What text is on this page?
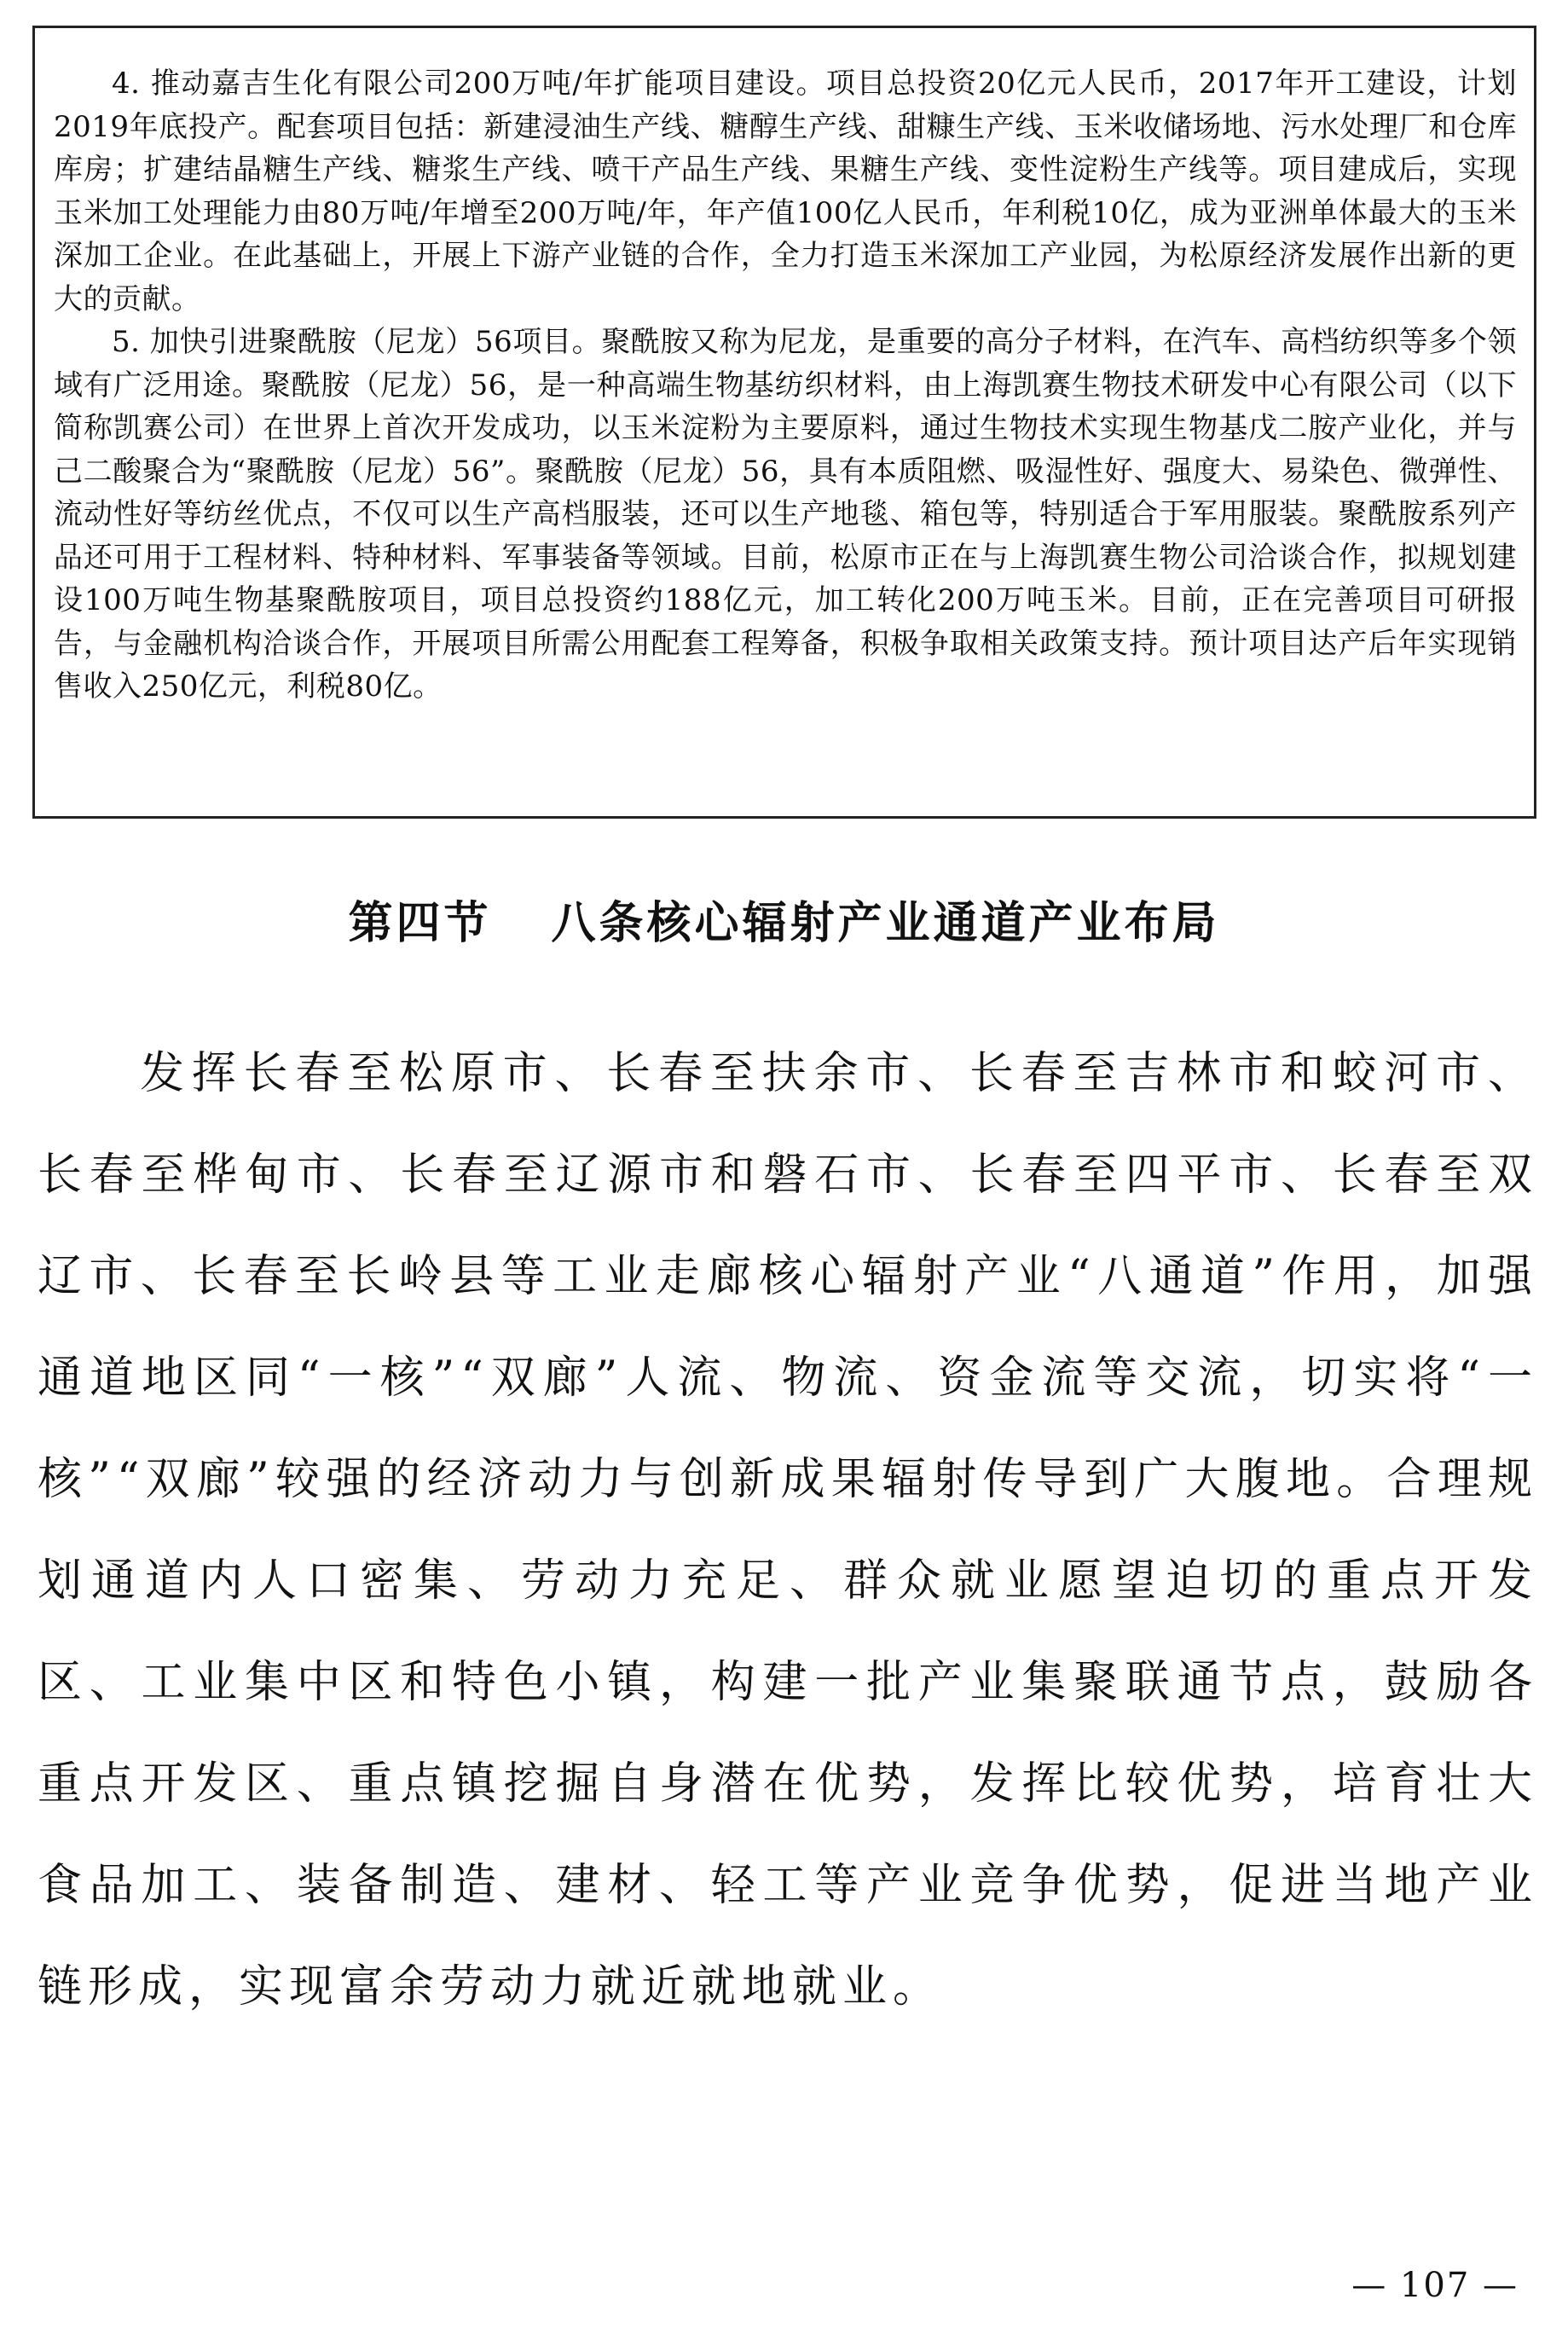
4. 推动嘉吉生化有限公司200万吨/年扩能项目建设。项目总投资20亿元人民币，2017年开工建设，计划2019年底投产。配套项目包括：新建浸油生产线、糖醇生产线、甜糠生产线、玉米收储场地、污水处理厂和仓库库房；扩建结晶糖生产线、糖浆生产线、喷干产品生产线、果糖生产线、变性淀粉生产线等。项目建成后，实现玉米加工处理能力由80万吨/年增至200万吨/年，年产值100亿人民币，年利税10亿，成为亚洲单体最大的玉米深加工企业。在此基础上，开展上下游产业链的合作，全力打造玉米深加工产业园，为松原经济发展作出新的更大的贡献。

5. 加快引进聚酰胺（尼龙）56项目。聚酰胺又称为尼龙，是重要的高分子材料，在汽车、高档纺织等多个领域有广泛用途。聚酰胺（尼龙）56，是一种高端生物基纺织材料，由上海凯赛生物技术研发中心有限公司（以下简称凯赛公司）在世界上首次开发成功，以玉米淀粉为主要原料，通过生物技术实现生物基戊二胺产业化，并与己二酸聚合为“聚酰胺（尼龙）56”。聚酰胺（尼龙）56，具有本质阻燃、吸湿性好、强度大、易染色、微弹性、流动性好等纺丝优点，不仅可以生产高档服装，还可以生产地毯、箱包等，特别适合于军用服装。聚酰胺系列产品还可用于工程材料、特种材料、军事装备等领域。目前，松原市正在与上海凯赛生物公司洽谈合作，拟规划建设100万吨生物基聚酰胺项目，项目总投资约188亿元，加工转化200万吨玉米。目前，正在完善项目可研报告，与金融机构洽谈合作，开展项目所需公用配套工程筹备，积极争取相关政策支持。预计项目达产后年实现销售收入250亿元，利税80亿。

第四节 八条核心辐射产业通道产业布局

发挥长春至松原市、长春至扶余市、长春至吉林市和蛟河市、长春至桦甸市、长春至辽源市和磐石市、长春至四平市、长春至双辽市、长春至长岭县等工业走廊核心辐射产业“八通道”作用，加强通道地区同“一核”“双廊”人流、物流、资金流等交流，切实将“一核”“双廊”较强的经济动力与创新成果辐射传导到广大腹地。合理规划通道内人口密集、劳动力充足、群众就业愿望迫切的重点开发区、工业集中区和特色小镇，构建一批产业集聚联通节点，鼓励各重点开发区、重点镇挖掘自身潜在优势，发挥比较优势，培育壮大食品加工、装备制造、建材、轻工等产业竞争优势，促进当地产业链形成，实现富余劳动力就近就地就业。

— 107 —
